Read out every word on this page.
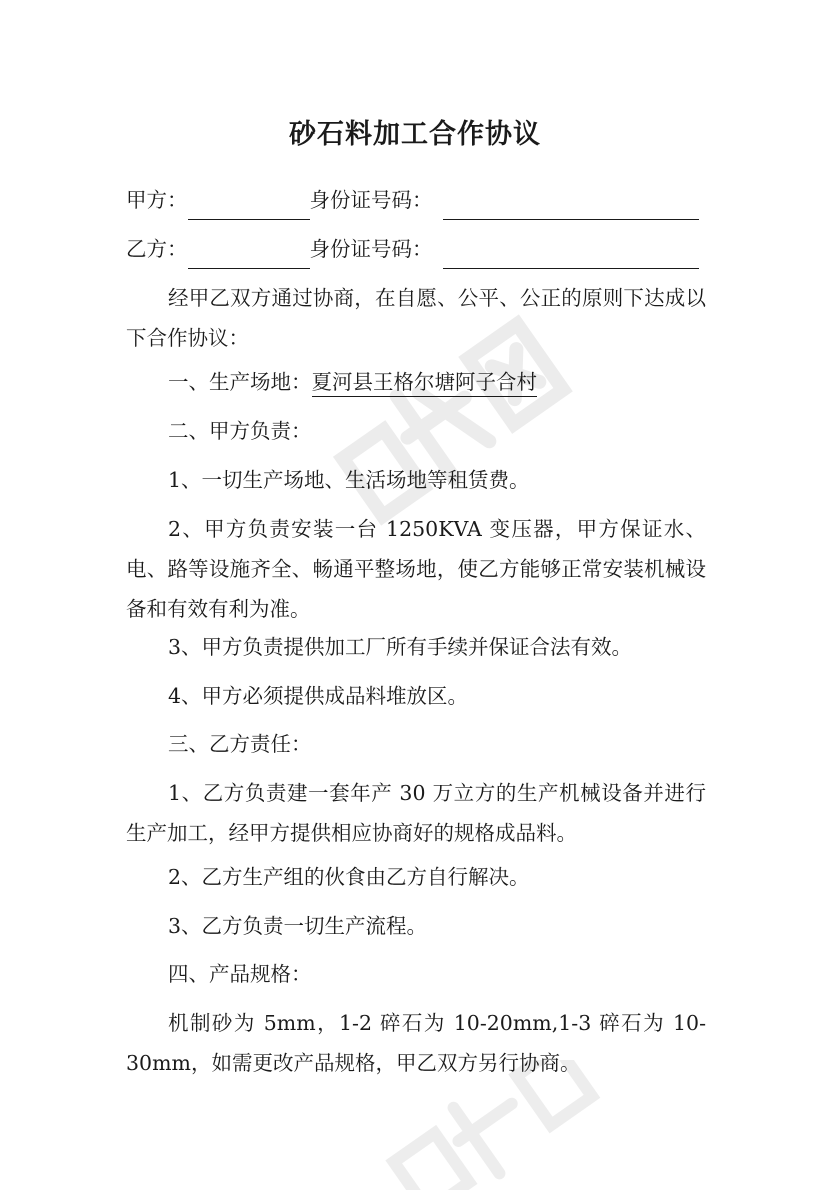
砂石料加工合作协议
甲方：	身份证号码：
乙方：	身份证号码：

经甲乙双方通过协商，在自愿、公平、公正的原则下达成以下合作协议：

一、生产场地：夏河县王格尔塘阿子合村
二、甲方负责：

1、一切生产场地、生活场地等租赁费。

2、甲方负责安装一台 1250KVA 变压器，甲方保证水、电、路等设施齐全、畅通平整场地，使乙方能够正常安装机械设备和有效有利为准。

3、甲方负责提供加工厂所有手续并保证合法有效。

4、甲方必须提供成品料堆放区。

三、乙方责任：

1、乙方负责建一套年产 30 万立方的生产机械设备并进行生产加工，经甲方提供相应协商好的规格成品料。

2、乙方生产组的伙食由乙方自行解决。

3、乙方负责一切生产流程。

四、产品规格：

机制砂为 5mm，1-2 碎石为 10-20mm,1-3 碎石为 10-30mm，如需更改产品规格，甲乙双方另行协商。
